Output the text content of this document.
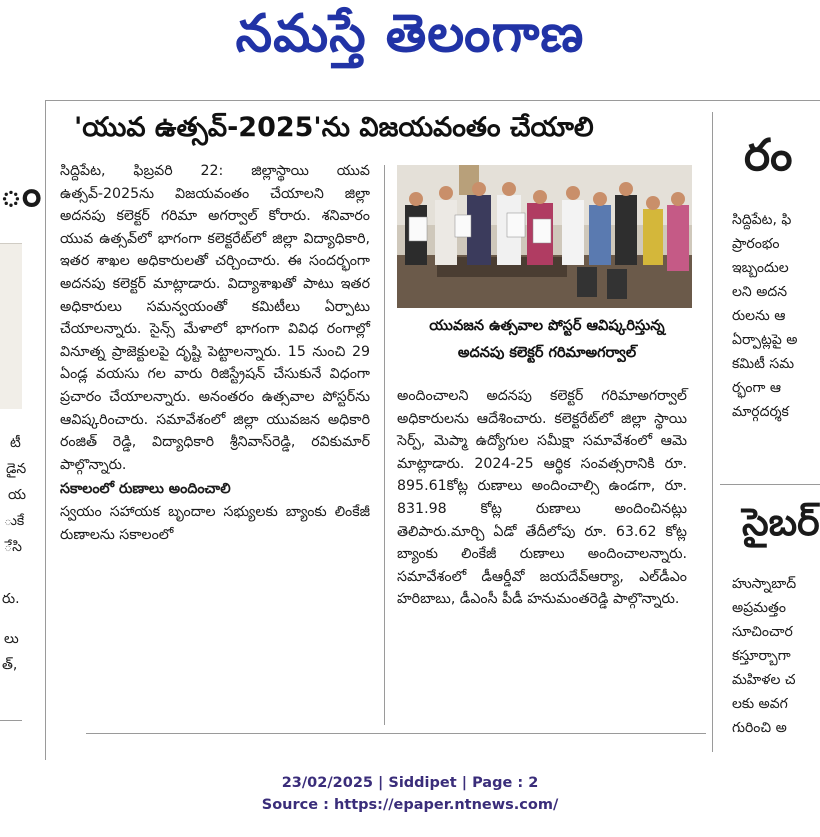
నమస్తే తెలంగాణ
ం
టీ
డైన
య
ుకే
ేసి
రు.
లు
త్,
'యువ ఉత్సవ్-2025'ను విజయవంతం చేయాలి

సిద్దిపేట, ఫిబ్రవరి 22: జిల్లాస్థాయి యువ ఉత్సవ్-2025ను విజయవంతం చేయాలని జిల్లా అదనపు కలెక్టర్ గరిమా అగర్వాల్ కోరారు. శనివారం యువ ఉత్సవ్‌లో భాగంగా కలెక్టరేట్‌లో జిల్లా విద్యాధికారి, ఇతర శాఖల అధికారులతో చర్చించారు. ఈ సందర్భంగా అదనపు కలెక్టర్ మాట్లాడారు. విద్యాశాఖతో పాటు ఇతర అధికారులు సమన్వయంతో కమిటీలు ఏర్పాటు చేయాలన్నారు. సైన్స్ మేళాలో భాగంగా వివిధ రంగాల్లో వినూత్న ప్రాజెక్టులపై దృష్టి పెట్టాలన్నారు. 15 నుంచి 29 ఏండ్ల వయసు గల వారు రిజిస్ట్రేషన్ చేసుకునే విధంగా ప్రచారం చేయాలన్నారు. అనంతరం ఉత్సవాల పోస్టర్‌ను ఆవిష్కరించారు. సమావేశంలో జిల్లా యువజన అధికారి రంజిత్ రెడ్డి, విద్యాధికారి శ్రీనివాస్‌రెడ్డి, రవికుమార్ పాల్గొన్నారు.

సకాలంలో రుణాలు అందించాలి

స్వయం సహాయక బృందాల సభ్యులకు బ్యాంకు లింకేజీ రుణాలను సకాలంలో

యువజన ఉత్సవాల పోస్టర్ ఆవిష్కరిస్తున్న
అదనపు కలెక్టర్ గరిమాఅగర్వాల్

అందించాలని అదనపు కలెక్టర్ గరిమాఅగర్వాల్ అధికారులను ఆదేశించారు. కలెక్టరేట్‌లో జిల్లా స్థాయి సెర్ప్, మెప్మా ఉద్యోగుల సమీక్షా సమావేశంలో ఆమె మాట్లాడారు. 2024-25 ఆర్థిక సంవత్సరానికి రూ. 895.61కోట్ల రుణాలు అందించాల్సి ఉండగా, రూ. 831.98 కోట్ల రుణాలు అందించినట్లు తెలిపారు.మార్చి ఏడో తేదీలోపు రూ. 63.62 కోట్ల బ్యాంకు లింకేజీ రుణాలు అందించాలన్నారు. సమావేశంలో డీఆర్డీవో జయదేవ్‌ఆర్యా, ఎల్‌డీఎం హరిబాబు, డీఎంసీ పీడీ హనుమంతరెడ్డి పాల్గొన్నారు.

రం
సిద్దిపేట, ఫి
ప్రారంభం
ఇబ్బందుల
లని అదన
రులను ఆ
ఏర్పాట్లపై అ
కమిటీ సమ
ర్భంగా ఆ
మార్గదర్శక
సైబర్
హుస్నాబాద్
అప్రమత్తం
సూచించార
కస్తూర్బాగా
మహిళల చ
లకు అవగ
గురించి అ
23/02/2025 | Siddipet | Page : 2
Source : https://epaper.ntnews.com/
